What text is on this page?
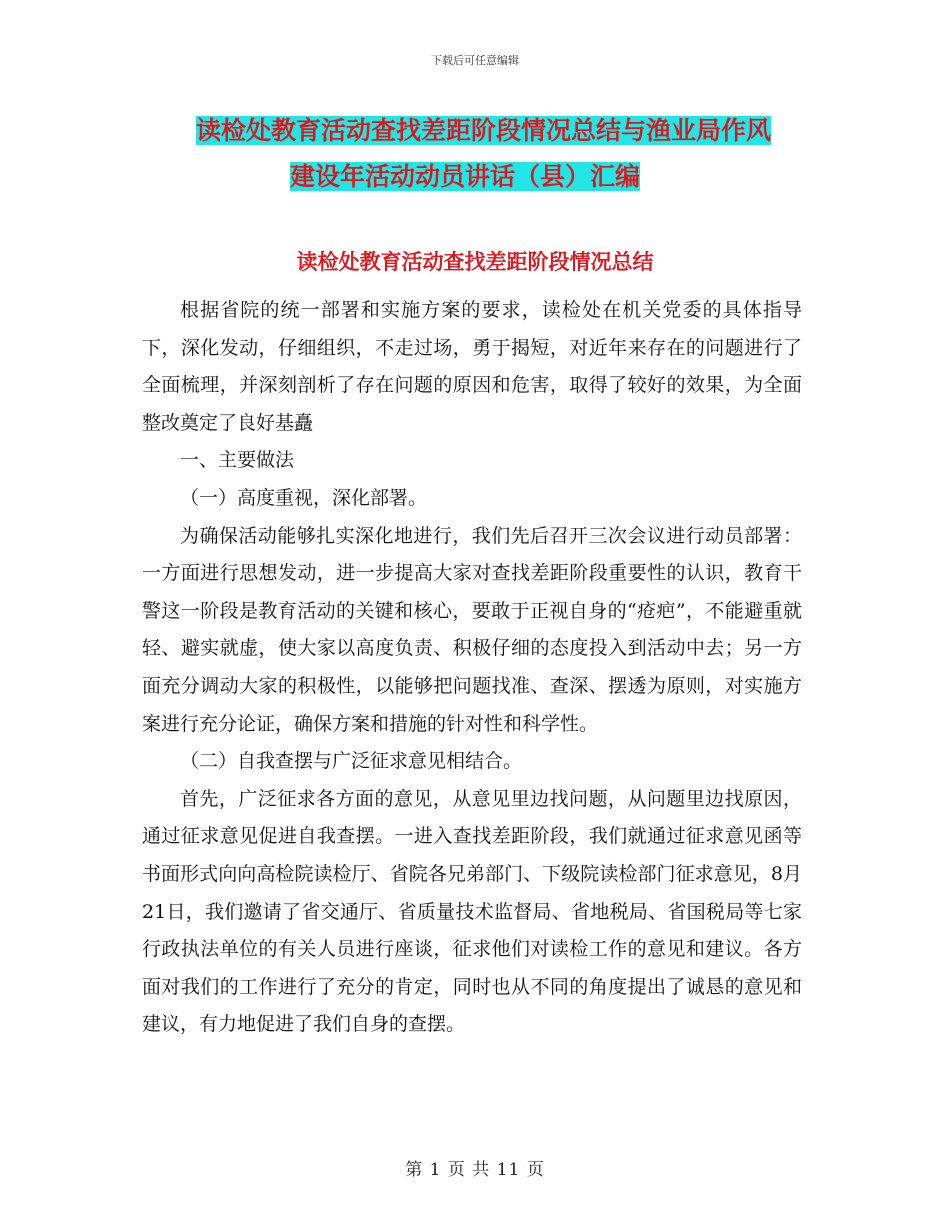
下载后可任意编辑
读检处教育活动查找差距阶段情况总结与渔业局作风
建设年活动动员讲话（县）汇编
读检处教育活动查找差距阶段情况总结

根据省院的统一部署和实施方案的要求，读检处在机关党委的具体指导下，深化发动，仔细组织，不走过场，勇于揭短，对近年来存在的问题进行了全面梳理，并深刻剖析了存在问题的原因和危害，取得了较好的效果，为全面整改奠定了良好基矗

一、主要做法

（一）高度重视，深化部署。

为确保活动能够扎实深化地进行，我们先后召开三次会议进行动员部署：一方面进行思想发动，进一步提高大家对查找差距阶段重要性的认识，教育干警这一阶段是教育活动的关键和核心，要敢于正视自身的“疮疤”，不能避重就轻、避实就虚，使大家以高度负责、积极仔细的态度投入到活动中去；另一方面充分调动大家的积极性，以能够把问题找准、查深、摆透为原则，对实施方案进行充分论证，确保方案和措施的针对性和科学性。

（二）自我查摆与广泛征求意见相结合。

首先，广泛征求各方面的意见，从意见里边找问题，从问题里边找原因，通过征求意见促进自我查摆。一进入查找差距阶段，我们就通过征求意见函等书面形式向向高检院读检厅、省院各兄弟部门、下级院读检部门征求意见，8月21日，我们邀请了省交通厅、省质量技术监督局、省地税局、省国税局等七家行政执法单位的有关人员进行座谈，征求他们对读检工作的意见和建议。各方面对我们的工作进行了充分的肯定，同时也从不同的角度提出了诚恳的意见和建议，有力地促进了我们自身的查摆。

第 1 页 共 11 页
